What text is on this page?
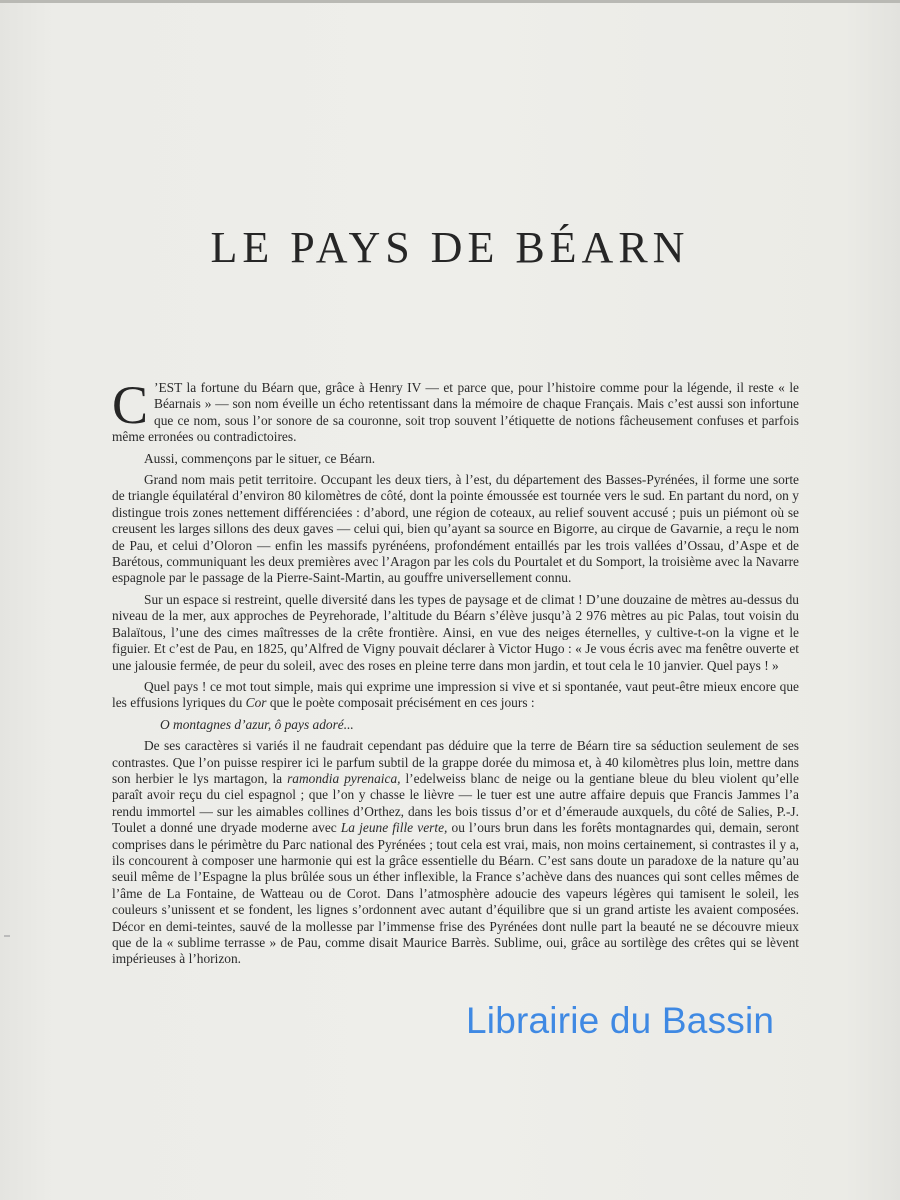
LE PAYS DE BÉARN

C ’EST la fortune du Béarn que, grâce à Henry IV — et parce que, pour l’histoire comme pour la légende, il reste « le Béarnais » — son nom éveille un écho retentissant dans la mémoire de chaque Français. Mais c’est aussi son infortune que ce nom, sous l’or sonore de sa couronne, soit trop souvent l’étiquette de notions fâcheusement confuses et parfois même erronées ou contradictoires.

Aussi, commençons par le situer, ce Béarn.

Grand nom mais petit territoire. Occupant les deux tiers, à l’est, du département des Basses-Pyrénées, il forme une sorte de triangle équilatéral d’environ 80 kilomètres de côté, dont la pointe émoussée est tournée vers le sud. En partant du nord, on y distingue trois zones nettement différenciées : d’abord, une région de coteaux, au relief souvent accusé ; puis un piémont où se creusent les larges sillons des deux gaves — celui qui, bien qu’ayant sa source en Bigorre, au cirque de Gavarnie, a reçu le nom de Pau, et celui d’Oloron — enfin les massifs pyrénéens, profondément entaillés par les trois vallées d’Ossau, d’Aspe et de Barétous, communiquant les deux premières avec l’Aragon par les cols du Pourtalet et du Somport, la troisième avec la Navarre espagnole par le passage de la Pierre-Saint-Martin, au gouffre universellement connu.

Sur un espace si restreint, quelle diversité dans les types de paysage et de climat ! D’une douzaine de mètres au-dessus du niveau de la mer, aux approches de Peyrehorade, l’altitude du Béarn s’élève jusqu’à 2 976 mètres au pic Palas, tout voisin du Balaïtous, l’une des cimes maîtresses de la crête frontière. Ainsi, en vue des neiges éternelles, y cultive-t-on la vigne et le figuier. Et c’est de Pau, en 1825, qu’Alfred de Vigny pouvait déclarer à Victor Hugo : « Je vous écris avec ma fenêtre ouverte et une jalousie fermée, de peur du soleil, avec des roses en pleine terre dans mon jardin, et tout cela le 10 janvier. Quel pays ! »

Quel pays ! ce mot tout simple, mais qui exprime une impression si vive et si spontanée, vaut peut-être mieux encore que les effusions lyriques du Cor que le poète composait précisément en ces jours :

O montagnes d’azur, ô pays adoré...

De ses caractères si variés il ne faudrait cependant pas déduire que la terre de Béarn tire sa séduction seulement de ses contrastes. Que l’on puisse respirer ici le parfum subtil de la grappe dorée du mimosa et, à 40 kilomètres plus loin, mettre dans son herbier le lys martagon, la ramondia pyrenaica, l’edelweiss blanc de neige ou la gentiane bleue du bleu violent qu’elle paraît avoir reçu du ciel espagnol ; que l’on y chasse le lièvre — le tuer est une autre affaire depuis que Francis Jammes l’a rendu immortel — sur les aimables collines d’Orthez, dans les bois tissus d’or et d’émeraude auxquels, du côté de Salies, P.-J. Toulet a donné une dryade moderne avec La jeune fille verte, ou l’ours brun dans les forêts montagnardes qui, demain, seront comprises dans le périmètre du Parc national des Pyrénées ; tout cela est vrai, mais, non moins certainement, si contrastes il y a, ils concourent à composer une harmonie qui est la grâce essentielle du Béarn. C’est sans doute un paradoxe de la nature qu’au seuil même de l’Espagne la plus brûlée sous un éther inflexible, la France s’achève dans des nuances qui sont celles mêmes de l’âme de La Fontaine, de Watteau ou de Corot. Dans l’atmosphère adoucie des vapeurs légères qui tamisent le soleil, les couleurs s’unissent et se fondent, les lignes s’ordonnent avec autant d’équilibre que si un grand artiste les avaient composées. Décor en demi-teintes, sauvé de la mollesse par l’immense frise des Pyrénées dont nulle part la beauté ne se découvre mieux que de la « sublime terrasse » de Pau, comme disait Maurice Barrès. Sublime, oui, grâce au sortilège des crêtes qui se lèvent impérieuses à l’horizon.

Librairie du Bassin
